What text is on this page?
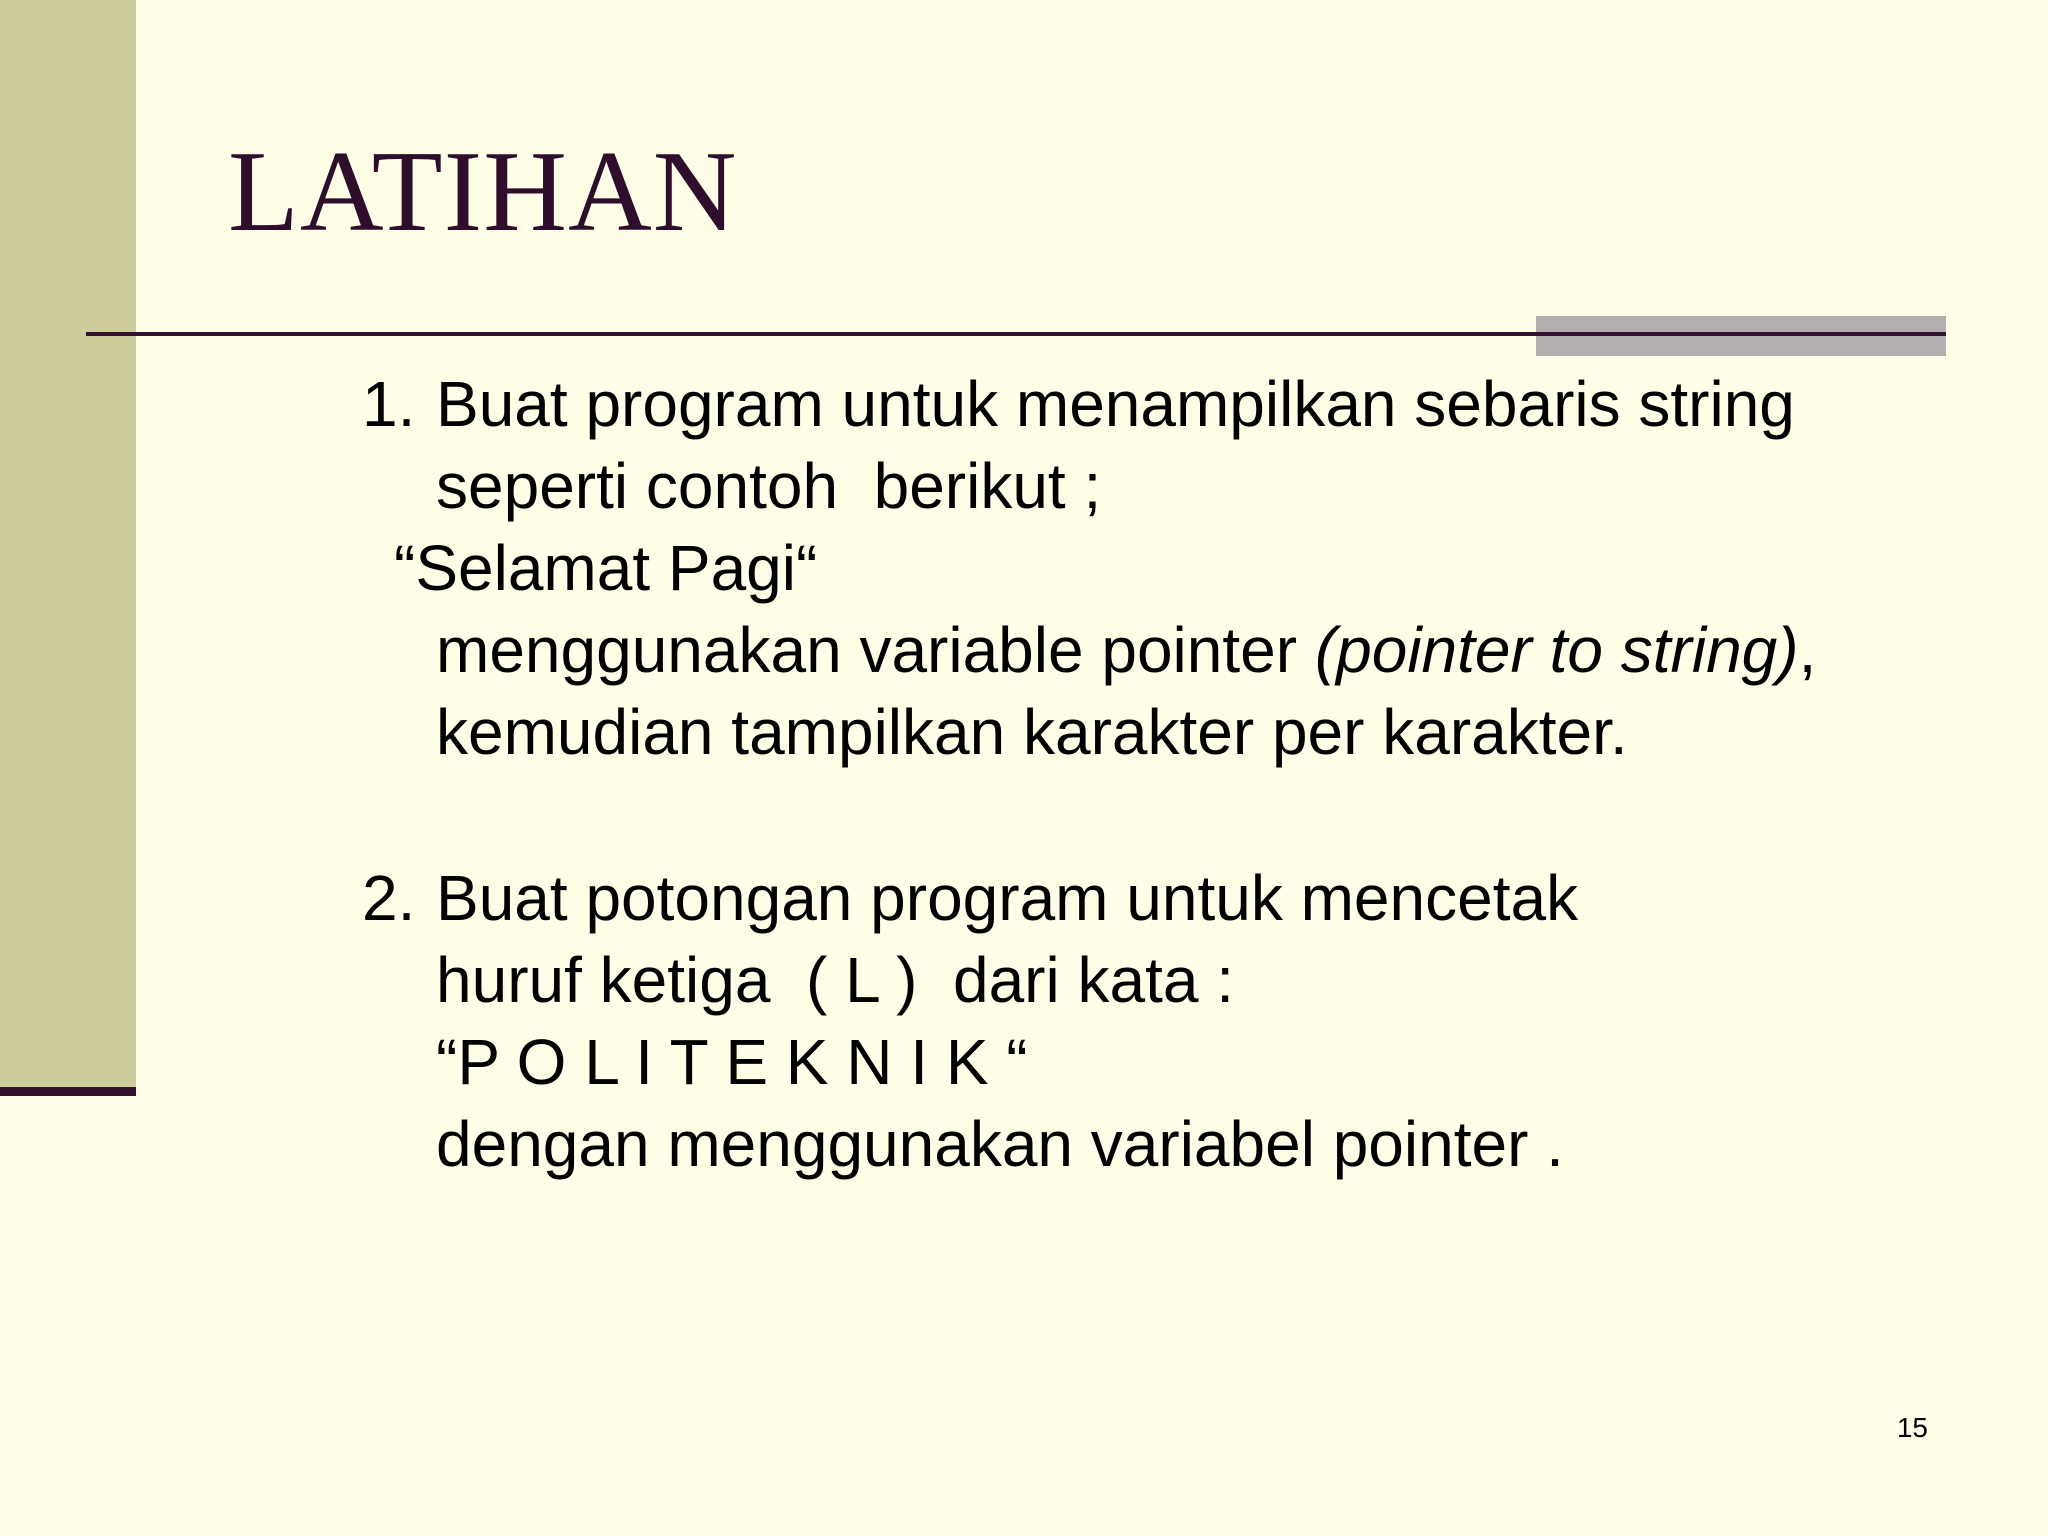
LATIHAN
1. Buat program untuk menampilkan sebaris string
seperti contoh  berikut ;
“Selamat Pagi“
menggunakan variable pointer (pointer to string),
kemudian tampilkan karakter per karakter.
2. Buat potongan program untuk mencetak
huruf ketiga  ( L )  dari kata :
“P O L I T E K N I K “
dengan menggunakan variabel pointer .
15
